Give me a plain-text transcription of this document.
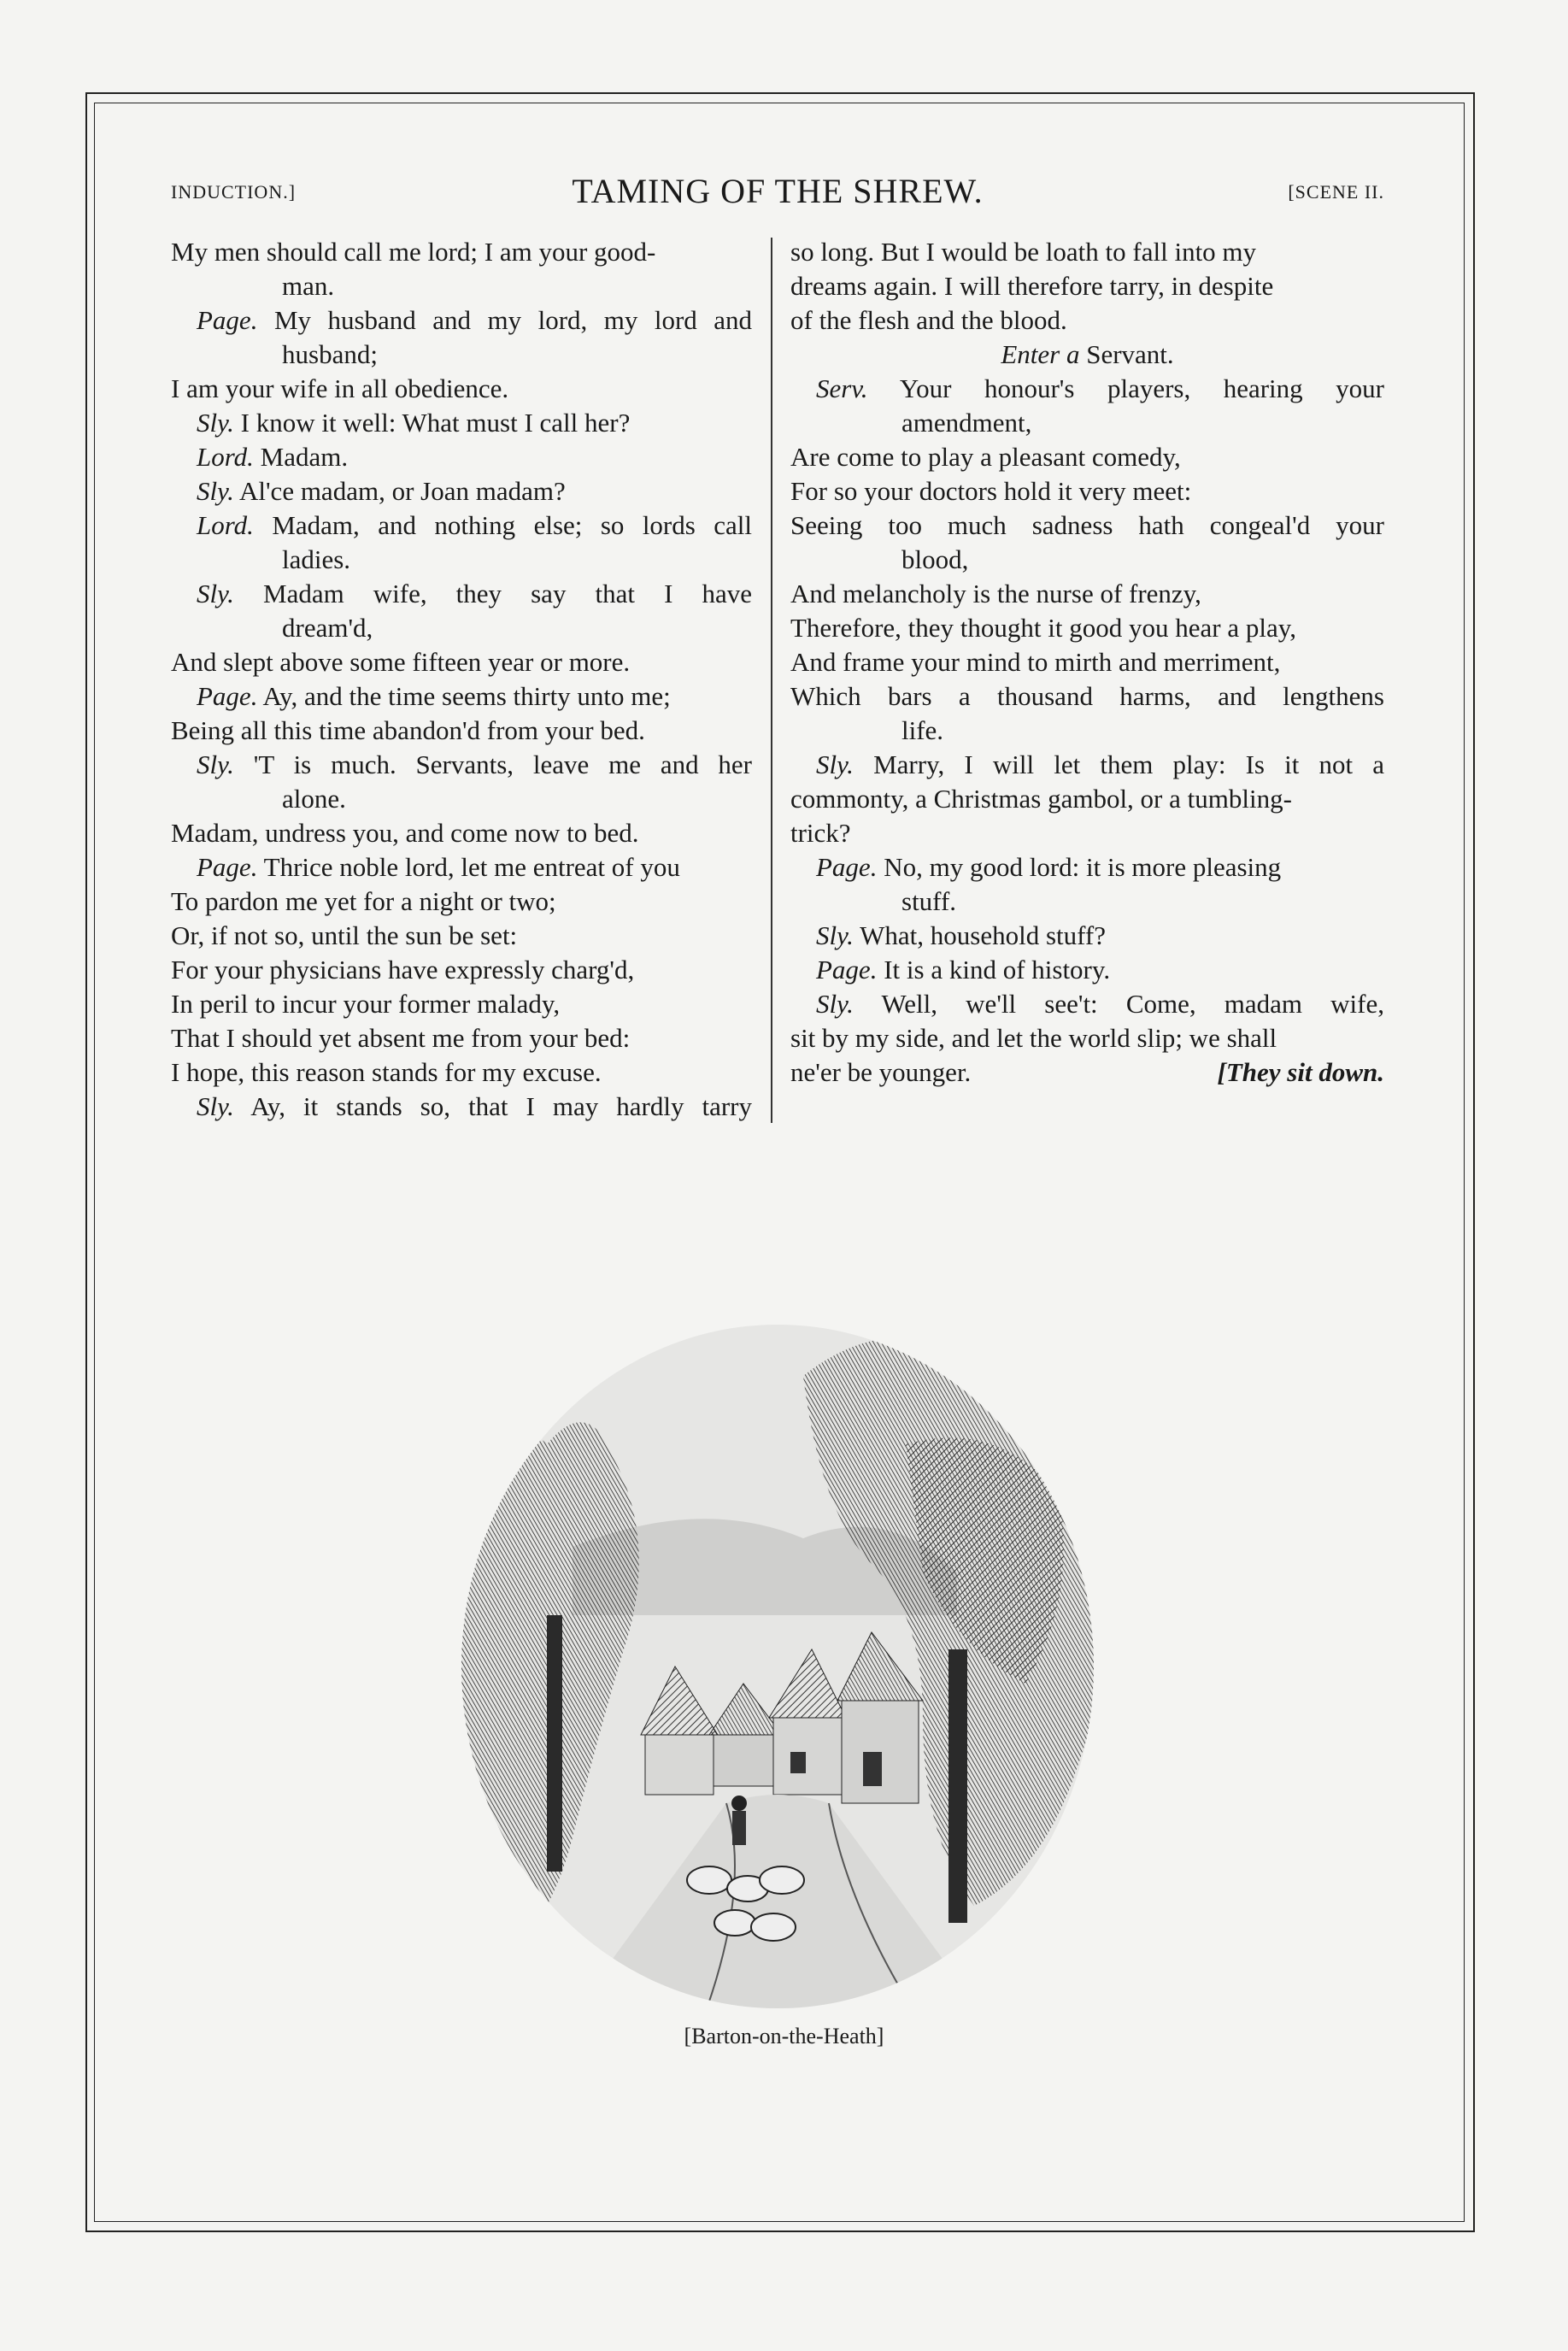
INDUCTION.]	TAMING OF THE SHREW.	[SCENE II.
My men should call me lord; I am your good-
man.
Page. My husband and my lord, my lord and
husband;
I am your wife in all obedience.
Sly. I know it well: What must I call her?
Lord. Madam.
Sly. Al'ce madam, or Joan madam?
Lord. Madam, and nothing else; so lords call
ladies.
Sly. Madam wife, they say that I have
dream'd,
And slept above some fifteen year or more.
Page. Ay, and the time seems thirty unto me;
Being all this time abandon'd from your bed.
Sly. 'T is much. Servants, leave me and her
alone.
Madam, undress you, and come now to bed.
Page. Thrice noble lord, let me entreat of you
To pardon me yet for a night or two;
Or, if not so, until the sun be set:
For your physicians have expressly charg'd,
In peril to incur your former malady,
That I should yet absent me from your bed:
I hope, this reason stands for my excuse.
Sly. Ay, it stands so, that I may hardly tarry
so long. But I would be loath to fall into my
dreams again. I will therefore tarry, in despite
of the flesh and the blood.
Enter a Servant.
Serv. Your honour's players, hearing your
amendment,
Are come to play a pleasant comedy,
For so your doctors hold it very meet:
Seeing too much sadness hath congeal'd your
blood,
And melancholy is the nurse of frenzy,
Therefore, they thought it good you hear a play,
And frame your mind to mirth and merriment,
Which bars a thousand harms, and lengthens
life.
Sly. Marry, I will let them play: Is it not a
commonty, a Christmas gambol, or a tumbling-
trick?
Page. No, my good lord: it is more pleasing
stuff.
Sly. What, household stuff?
Page. It is a kind of history.
Sly. Well, we'll see't: Come, madam wife,
sit by my side, and let the world slip; we shall
ne'er be younger.	[They sit down.
[Barton-on-the-Heath]
